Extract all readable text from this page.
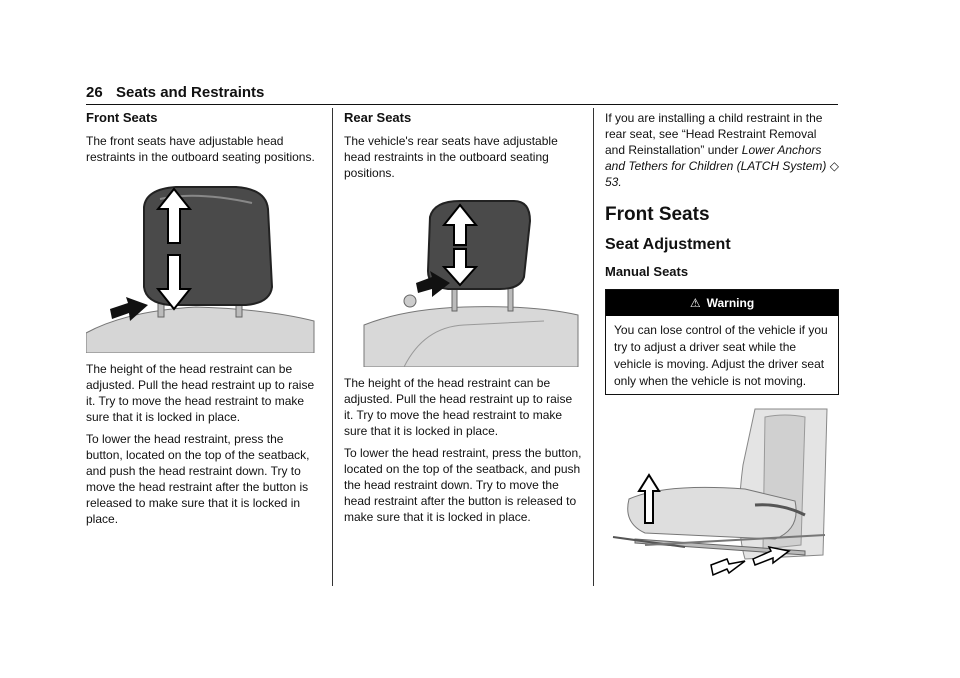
26 Seats and Restraints
Front Seats

The front seats have adjustable head restraints in the outboard seating positions.

The height of the head restraint can be adjusted. Pull the head restraint up to raise it. Try to move the head restraint to make sure that it is locked in place.

To lower the head restraint, press the button, located on the top of the seatback, and push the head restraint down. Try to move the head restraint after the button is released to make sure that it is locked in place.

Rear Seats

The vehicle's rear seats have adjustable head restraints in the outboard seating positions.

The height of the head restraint can be adjusted. Pull the head restraint up to raise it. Try to move the head restraint to make sure that it is locked in place.

To lower the head restraint, press the button, located on the top of the seatback, and push the head restraint down. Try to move the head restraint after the button is released to make sure that it is locked in place.

If you are installing a child restraint in the rear seat, see “Head Restraint Removal and Reinstallation” under Lower Anchors and Tethers for Children (LATCH System) ◇ 53.

Front Seats
Seat Adjustment
Manual Seats
⚠ Warning
You can lose control of the vehicle if you try to adjust a driver seat while the vehicle is moving. Adjust the driver seat only when the vehicle is not moving.
